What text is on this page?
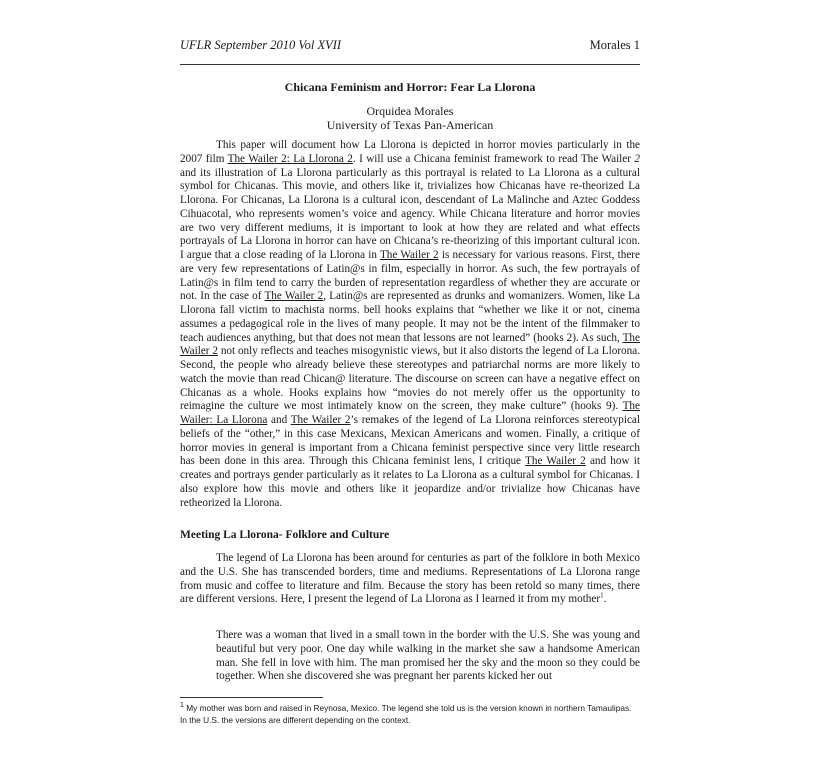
UFLR September 2010 Vol XVII	Morales 1
Chicana Feminism and Horror: Fear La Llorona
Orquidea Morales
University of Texas Pan-American

This paper will document how La Llorona is depicted in horror movies particularly in the 2007 film The Wailer 2: La Llorona 2. I will use a Chicana feminist framework to read The Wailer 2 and its illustration of La Llorona particularly as this portrayal is related to La Llorona as a cultural symbol for Chicanas. This movie, and others like it, trivializes how Chicanas have re-theorized La Llorona. For Chicanas, La Llorona is a cultural icon, descendant of La Malinche and Aztec Goddess Cihuacotal, who represents women’s voice and agency. While Chicana literature and horror movies are two very different mediums, it is important to look at how they are related and what effects portrayals of La Llorona in horror can have on Chicana’s re-theorizing of this important cultural icon. I argue that a close reading of la Llorona in The Wailer 2 is necessary for various reasons. First, there are very few representations of Latin@s in film, especially in horror. As such, the few portrayals of Latin@s in film tend to carry the burden of representation regardless of whether they are accurate or not. In the case of The Wailer 2, Latin@s are represented as drunks and womanizers. Women, like La Llorona fall victim to machista norms. bell hooks explains that “whether we like it or not, cinema assumes a pedagogical role in the lives of many people. It may not be the intent of the filmmaker to teach audiences anything, but that does not mean that lessons are not learned” (hooks 2). As such, The Wailer 2 not only reflects and teaches misogynistic views, but it also distorts the legend of La Llorona. Second, the people who already believe these stereotypes and patriarchal norms are more likely to watch the movie than read Chican@ literature. The discourse on screen can have a negative effect on Chicanas as a whole. Hooks explains how “movies do not merely offer us the opportunity to reimagine the culture we most intimately know on the screen, they make culture” (hooks 9). The Wailer: La Llorona and The Wailer 2’s remakes of the legend of La Llorona reinforces stereotypical beliefs of the “other,” in this case Mexicans, Mexican Americans and women. Finally, a critique of horror movies in general is important from a Chicana feminist perspective since very little research has been done in this area. Through this Chicana feminist lens, I critique The Wailer 2 and how it creates and portrays gender particularly as it relates to La Llorona as a cultural symbol for Chicanas. I also explore how this movie and others like it jeopardize and/or trivialize how Chicanas have retheorized la Llorona.

Meeting La Llorona- Folklore and Culture

The legend of La Llorona has been around for centuries as part of the folklore in both Mexico and the U.S. She has transcended borders, time and mediums. Representations of La Llorona range from music and coffee to literature and film. Because the story has been retold so many times, there are different versions. Here, I present the legend of La Llorona as I learned it from my mother$^1$.

There was a woman that lived in a small town in the border with the U.S. She was young and beautiful but very poor. One day while walking in the market she saw a handsome American man. She fell in love with him. The man promised her the sky and the moon so they could be together. When she discovered she was pregnant her parents kicked her out
$^1$ My mother was born and raised in Reynosa, Mexico. The legend she told us is the version known in northern Tamaulipas. In the U.S. the versions are different depending on the context.
